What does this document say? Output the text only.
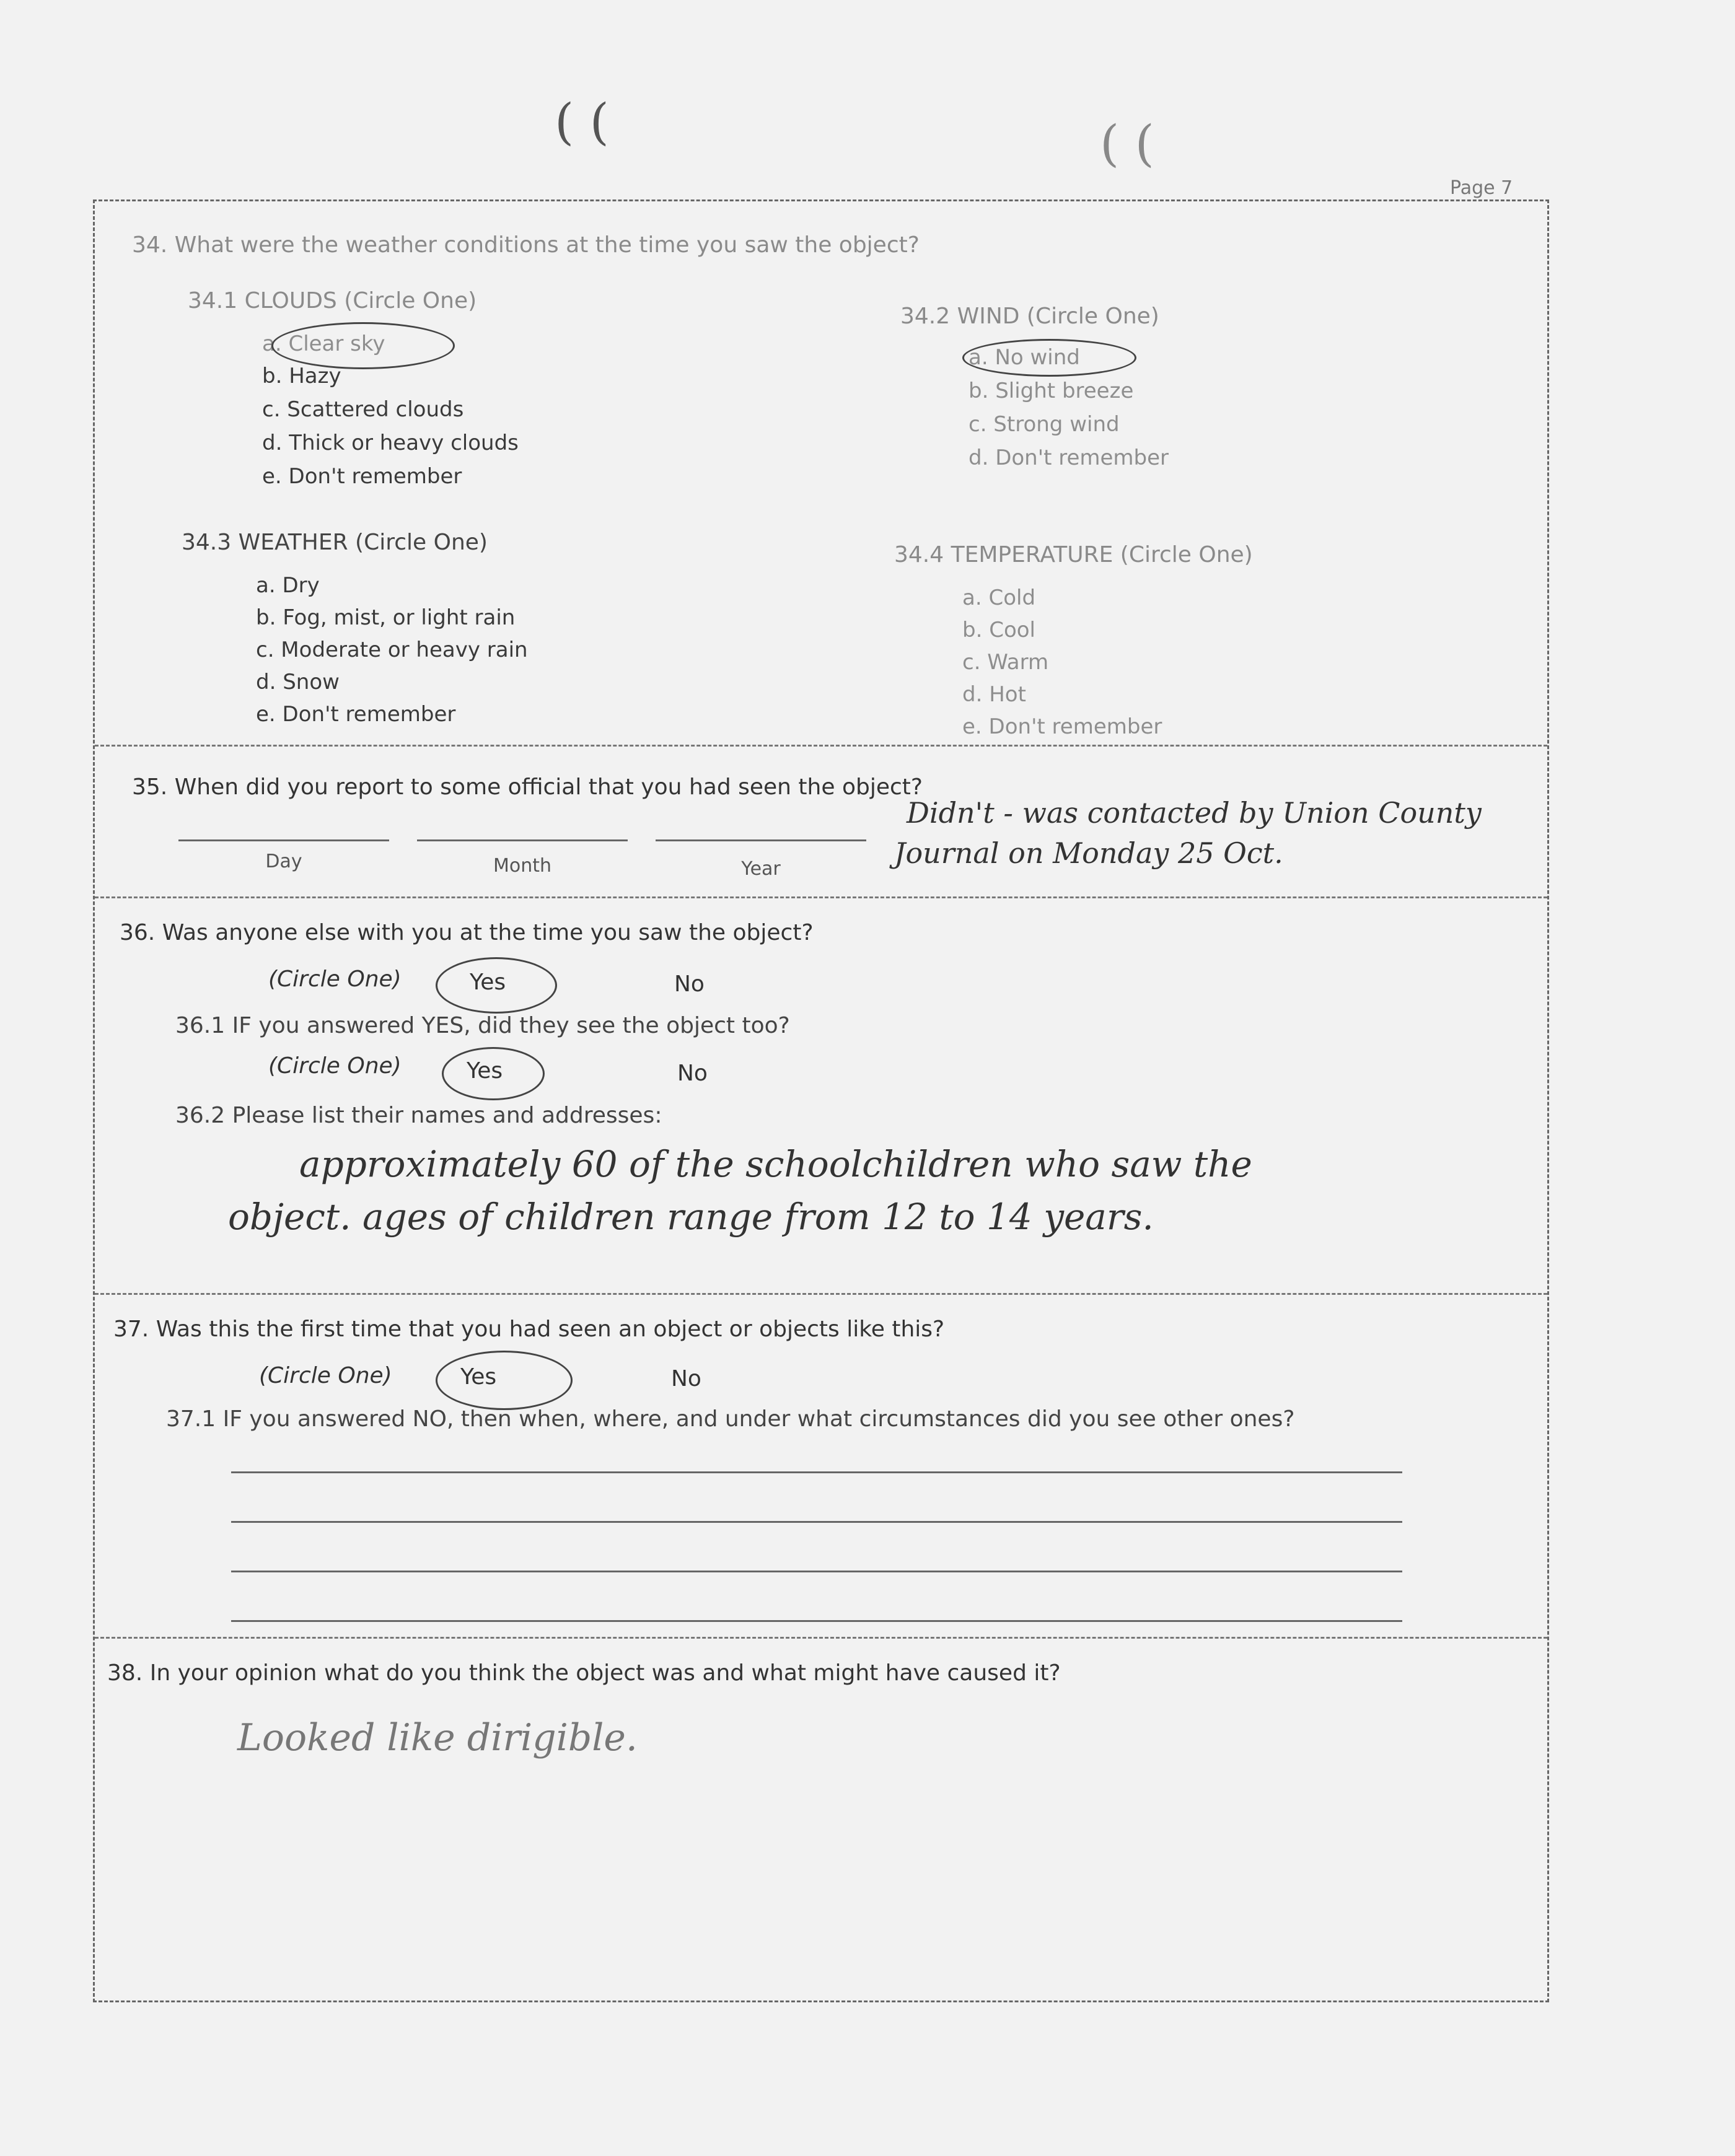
( (	( (
Page 7
34. What were the weather conditions at the time you saw the object?
34.1 CLOUDS (Circle One)
a. Clear sky
b. Hazy
c. Scattered clouds
d. Thick or heavy clouds
e. Don't remember
34.2 WIND (Circle One)
a. No wind
b. Slight breeze
c. Strong wind
d. Don't remember
34.3 WEATHER (Circle One)
a. Dry
b. Fog, mist, or light rain
c. Moderate or heavy rain
d. Snow
e. Don't remember
34.4 TEMPERATURE (Circle One)
a. Cold
b. Cool
c. Warm
d. Hot
e. Don't remember
35. When did you report to some official that you had seen the object?
Day	Month	Year
Didn't - was contacted by Union County
Journal on Monday 25 Oct.
36. Was anyone else with you at the time you saw the object?
(Circle One)	Yes	No
36.1 IF you answered YES, did they see the object too?
(Circle One)	Yes	No
36.2 Please list their names and addresses:
approximately 60 of the schoolchildren who saw the
object. ages of children range from 12 to 14 years.
37. Was this the first time that you had seen an object or objects like this?
(Circle One)	Yes	No
37.1 IF you answered NO, then when, where, and under what circumstances did you see other ones?
38. In your opinion what do you think the object was and what might have caused it?
Looked like dirigible.
